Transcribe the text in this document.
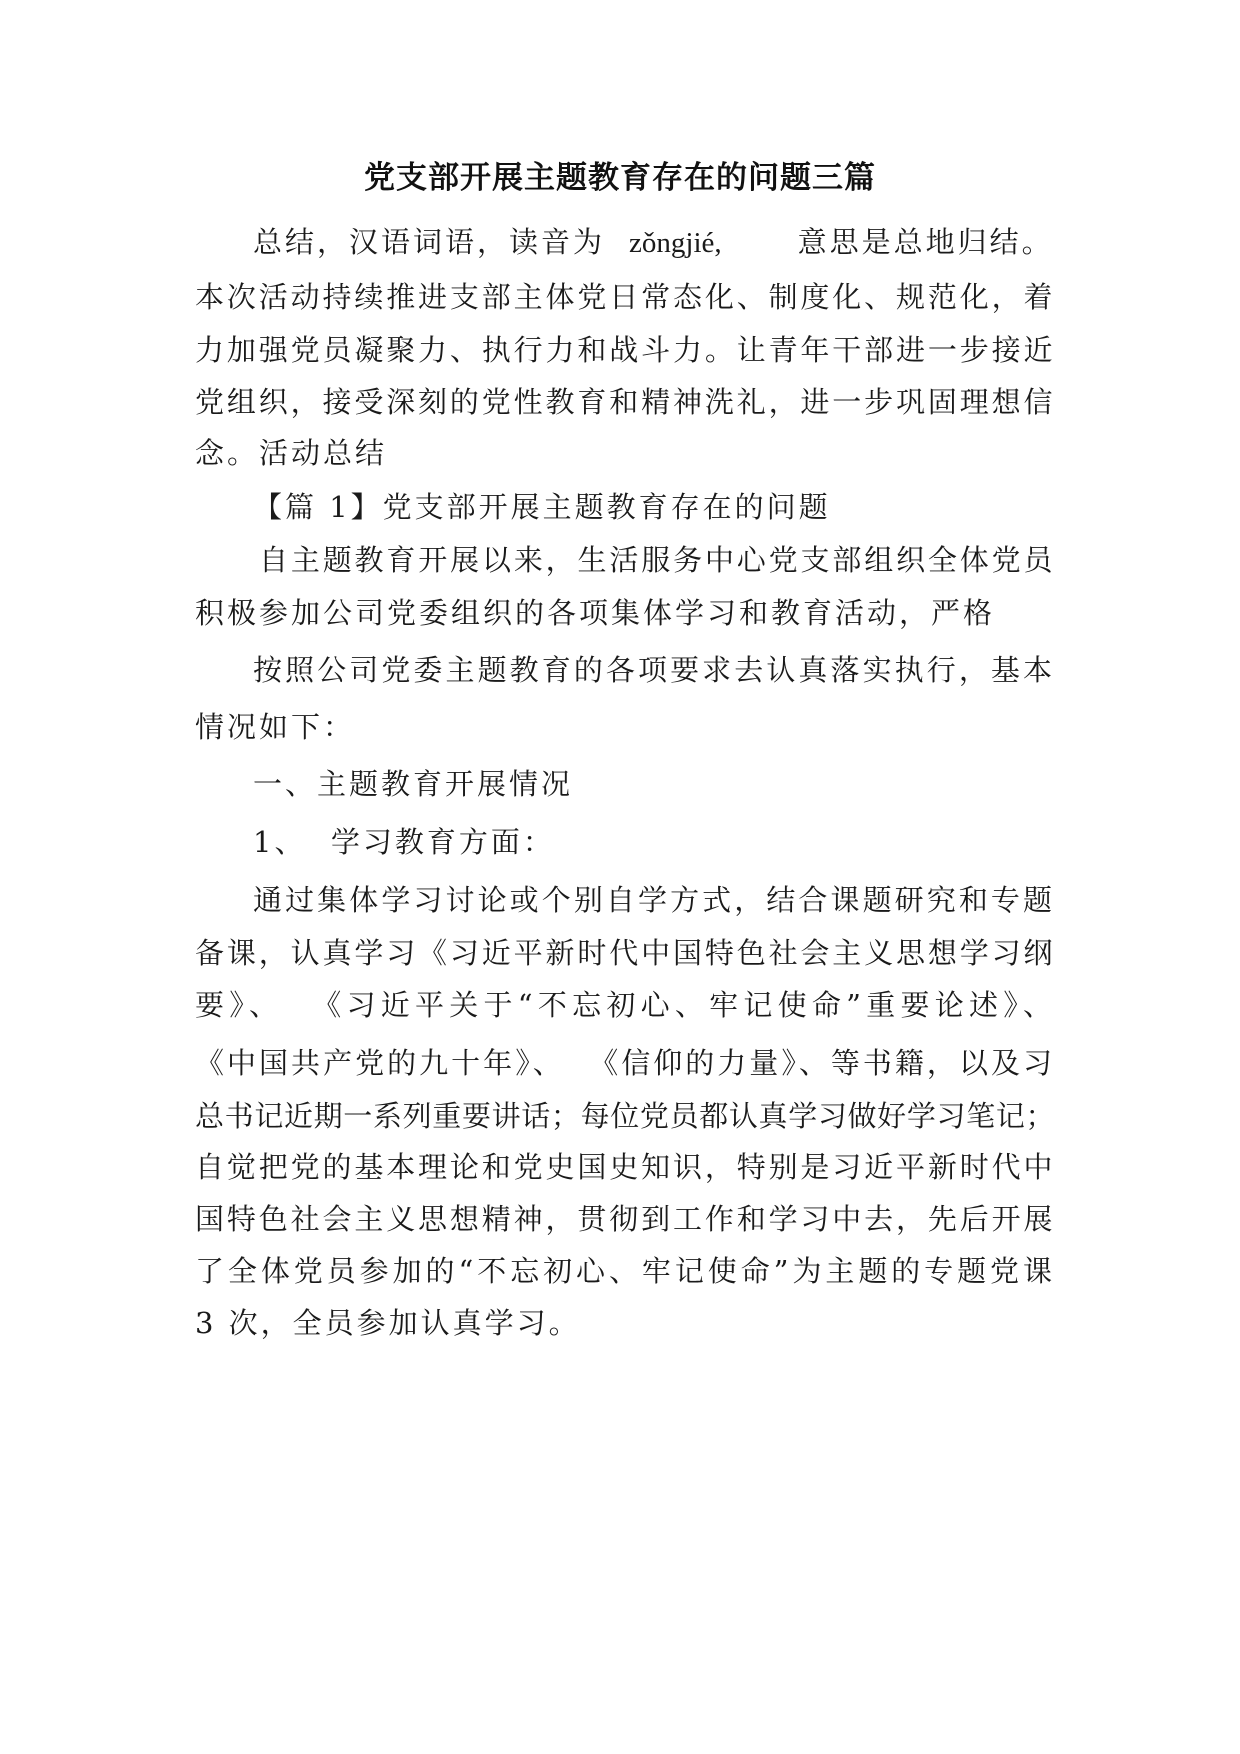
党支部开展主题教育存在的问题三篇
总结，汉语词语，读音为 zǒngjié,	意思是总地归结。
本次活动持续推进支部主体党日常态化、制度化、规范化，着
力加强党员凝聚力、执行力和战斗力。让青年干部进一步接近
党组织，接受深刻的党性教育和精神洗礼，进一步巩固理想信
念。活动总结
【篇 1】党支部开展主题教育存在的问题
自主题教育开展以来，生活服务中心党支部组织全体党员
积极参加公司党委组织的各项集体学习和教育活动，严格
按照公司党委主题教育的各项要求去认真落实执行，基本
情况如下：
一、主题教育开展情况
1、  学习教育方面：
通过集体学习讨论或个别自学方式，结合课题研究和专题
备课，认真学习《习近平新时代中国特色社会主义思想学习纲
要》、  《习近平关于“不忘初心、牢记使命”重要论述》、
《中国共产党的九十年》、  《信仰的力量》、等书籍，以及习
总书记近期一系列重要讲话；每位党员都认真学习做好学习笔记；
自觉把党的基本理论和党史国史知识，特别是习近平新时代中
国特色社会主义思想精神，贯彻到工作和学习中去，先后开展
了全体党员参加的“不忘初心、牢记使命”为主题的专题党课
3 次，全员参加认真学习。
